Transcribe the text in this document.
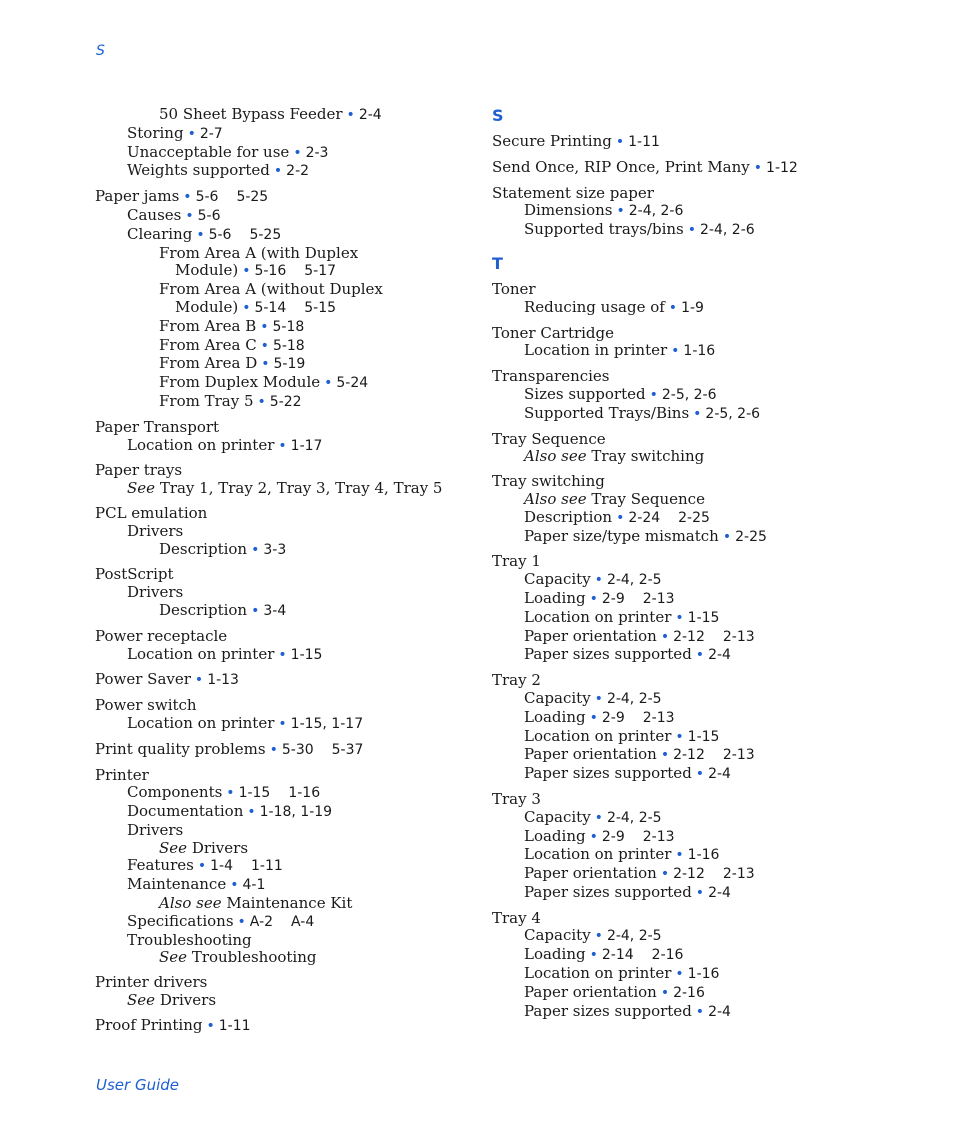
S
50 Sheet Bypass Feeder • 2-4
Storing • 2-7
Unacceptable for use • 2-3
Weights supported • 2-2
Paper jams • 5-6 5-25
Causes • 5-6
Clearing • 5-6 5-25
From Area A (with Duplex
Module) • 5-16 5-17
From Area A (without Duplex
Module) • 5-14 5-15
From Area B • 5-18
From Area C • 5-18
From Area D • 5-19
From Duplex Module • 5-24
From Tray 5 • 5-22
Paper Transport
Location on printer • 1-17
Paper trays
See Tray 1, Tray 2, Tray 3, Tray 4, Tray 5
PCL emulation
Drivers
Description • 3-3
PostScript
Drivers
Description • 3-4
Power receptacle
Location on printer • 1-15
Power Saver • 1-13
Power switch
Location on printer • 1-15, 1-17
Print quality problems • 5-30 5-37
Printer
Components • 1-15 1-16
Documentation • 1-18, 1-19
Drivers
See Drivers
Features • 1-4 1-11
Maintenance • 4-1
Also see Maintenance Kit
Specifications • A-2 A-4
Troubleshooting
See Troubleshooting
Printer drivers
See Drivers
Proof Printing • 1-11
S
Secure Printing • 1-11
Send Once, RIP Once, Print Many • 1-12
Statement size paper
Dimensions • 2-4, 2-6
Supported trays/bins • 2-4, 2-6
T
Toner
Reducing usage of • 1-9
Toner Cartridge
Location in printer • 1-16
Transparencies
Sizes supported • 2-5, 2-6
Supported Trays/Bins • 2-5, 2-6
Tray Sequence
Also see Tray switching
Tray switching
Also see Tray Sequence
Description • 2-24 2-25
Paper size/type mismatch • 2-25
Tray 1
Capacity • 2-4, 2-5
Loading • 2-9 2-13
Location on printer • 1-15
Paper orientation • 2-12 2-13
Paper sizes supported • 2-4
Tray 2
Capacity • 2-4, 2-5
Loading • 2-9 2-13
Location on printer • 1-15
Paper orientation • 2-12 2-13
Paper sizes supported • 2-4
Tray 3
Capacity • 2-4, 2-5
Loading • 2-9 2-13
Location on printer • 1-16
Paper orientation • 2-12 2-13
Paper sizes supported • 2-4
Tray 4
Capacity • 2-4, 2-5
Loading • 2-14 2-16
Location on printer • 1-16
Paper orientation • 2-16
Paper sizes supported • 2-4
User Guide
